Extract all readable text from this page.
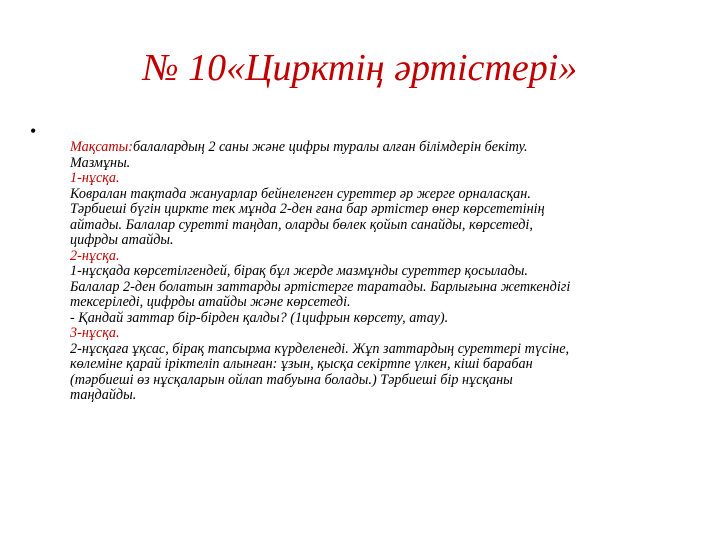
№ 10«Цирктің әртістері»
•
Мақсаты:балалардың 2 саны және цифры туралы алған білімдерін бекіту.
Мазмұны.
1-нұсқа.
Ковралан тақтада жануарлар бейнеленген суреттер әр жерге орналасқан.
Тәрбиеші бүгін циркте тек мұнда 2-ден ғана бар әртістер өнер көрсететінің
айтады. Балалар суретті таңдап, оларды бөлек қойып санайды, көрсетеді,
цифрды атайды.
2-нұсқа.
1-нұсқада көрсетілгендей, бірақ бұл жерде мазмұнды суреттер қосылады.
Балалар 2-ден болатын заттарды әртістерге таратады. Барлығына жеткендігі
тексеріледі, цифрды атайды және көрсетеді.
- Қандай заттар бір-бірден қалды? (1цифрын көрсету, атау).
3-нұсқа.
2-нұсқаға ұқсас, бірақ тапсырма күрделенеді. Жұп заттардың суреттері түсіне,
көлеміне қарай іріктеліп алынған: ұзын, қысқа секіртпе үлкен, кіші барабан
(тәрбиеші өз нұсқаларын ойлап табуына болады.) Тәрбиеші бір нұсқаны
таңдайды.
